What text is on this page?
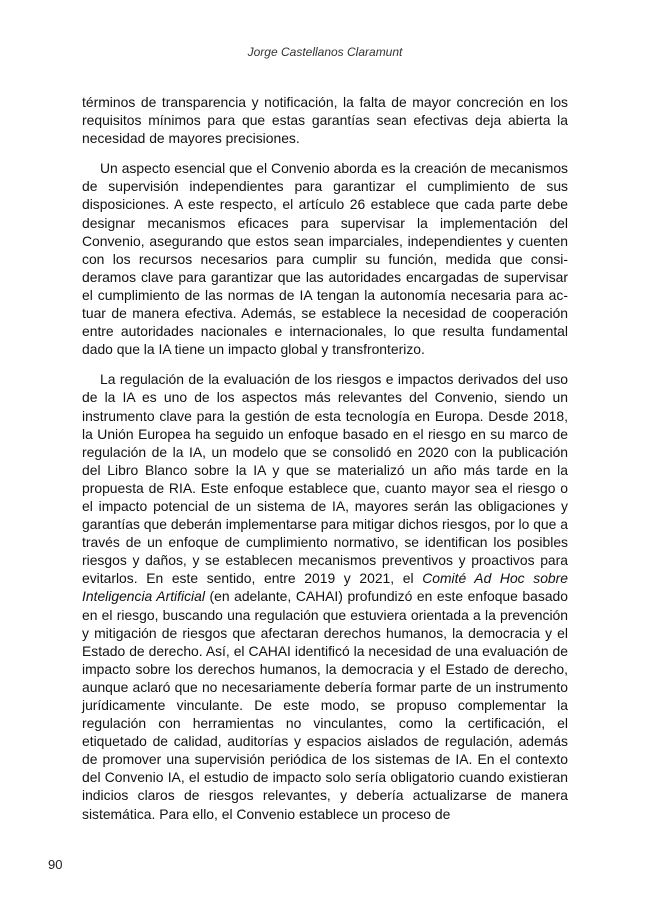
Jorge Castellanos Claramunt

términos de transparencia y notificación, la falta de mayor concreción en los requisitos mínimos para que estas garantías sean efectivas deja abierta la necesidad de mayores precisiones.

Un aspecto esencial que el Convenio aborda es la creación de mecanismos de supervisión independientes para garantizar el cumplimiento de sus disposiciones. A este respecto, el artículo 26 establece que cada parte debe designar mecanismos eficaces para supervisar la implementación del Convenio, asegurando que estos sean imparciales, independientes y cuenten con los recursos necesarios para cumplir su función, medida que consideramos clave para garantizar que las autoridades encargadas de supervisar el cumplimiento de las normas de IA tengan la autonomía necesaria para actuar de manera efectiva. Además, se establece la necesidad de cooperación entre autoridades nacionales e internacionales, lo que resulta fundamental dado que la IA tiene un impacto global y transfronterizo.

La regulación de la evaluación de los riesgos e impactos derivados del uso de la IA es uno de los aspectos más relevantes del Convenio, siendo un instrumento clave para la gestión de esta tecnología en Europa. Desde 2018, la Unión Europea ha seguido un enfoque basado en el riesgo en su marco de regulación de la IA, un modelo que se consolidó en 2020 con la publicación del Libro Blanco sobre la IA y que se materializó un año más tarde en la propuesta de RIA. Este enfoque establece que, cuanto mayor sea el riesgo o el impacto potencial de un sistema de IA, mayores serán las obligaciones y garantías que deberán implementarse para mitigar dichos riesgos, por lo que a través de un enfoque de cumplimiento normativo, se identifican los posibles riesgos y daños, y se establecen mecanismos preventivos y proactivos para evitarlos. En este sentido, entre 2019 y 2021, el Comité Ad Hoc sobre Inteligencia Artificial (en adelante, CAHAI) profundizó en este enfoque basado en el riesgo, buscando una regulación que estuviera orientada a la prevención y mitigación de riesgos que afectaran derechos humanos, la democracia y el Estado de derecho. Así, el CAHAI identificó la necesidad de una evaluación de impacto sobre los derechos humanos, la democracia y el Estado de derecho, aunque aclaró que no necesariamente debería formar parte de un instrumento jurídicamente vinculante. De este modo, se propuso complementar la regulación con herramientas no vinculantes, como la certificación, el etiquetado de calidad, auditorías y espacios aislados de regulación, además de promover una supervisión periódica de los sistemas de IA. En el contexto del Convenio IA, el estudio de impacto solo sería obligatorio cuando existieran indicios claros de riesgos relevantes, y debería actualizarse de manera sistemática. Para ello, el Convenio establece un proceso de

90
